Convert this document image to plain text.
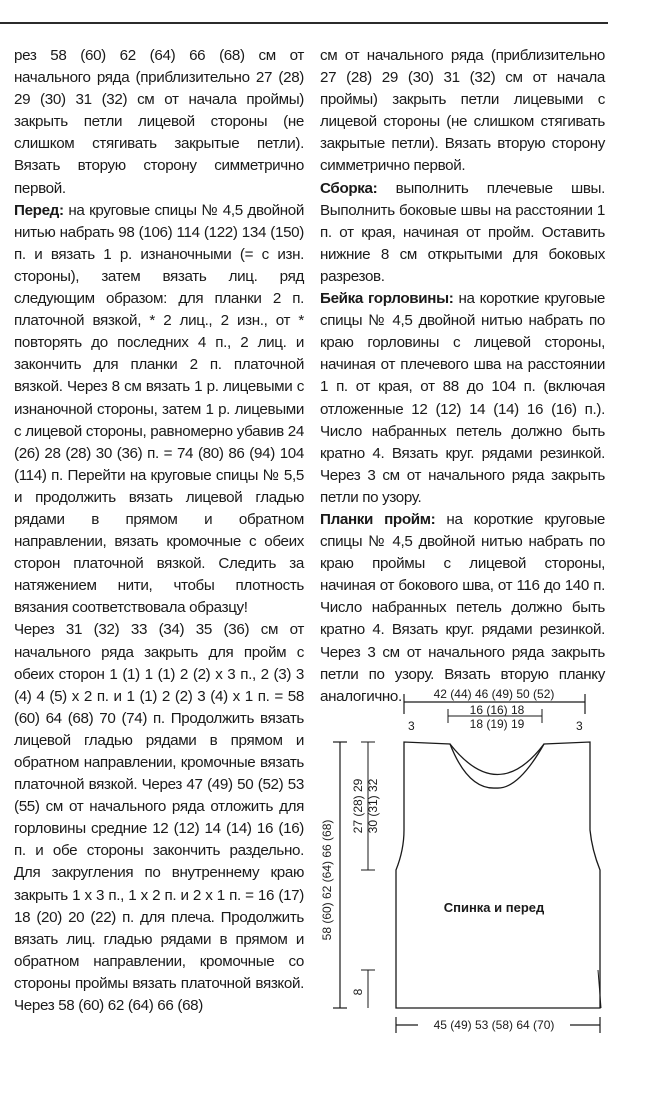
рез 58 (60) 62 (64) 66 (68) см от начального ряда (приблизительно 27 (28) 29 (30) 31 (32) см от начала проймы) закрыть петли лицевой стороны (не слишком стягивать закрытые петли). Вязать вторую сторону симметрично первой.

Перед: на круговые спицы № 4,5 двойной нитью набрать 98 (106) 114 (122) 134 (150) п. и вязать 1 р. изнаночными (= с изн. стороны), затем вязать лиц. ряд следующим образом: для планки 2 п. платочной вязкой, * 2 лиц., 2 изн., от * повторять до последних 4 п., 2 лиц. и закончить для планки 2 п. платочной вязкой. Через 8 см вязать 1 р. лицевыми с изнаночной стороны, затем 1 р. лицевыми с лицевой стороны, равномерно убавив 24 (26) 28 (28) 30 (36) п. = 74 (80) 86 (94) 104 (114) п. Перейти на круговые спицы № 5,5 и продолжить вязать лицевой гладью рядами в прямом и обратном направлении, вязать кромочные с обеих сторон платочной вязкой. Следить за натяжением нити, чтобы плотность вязания соответствовала образцу!

Через 31 (32) 33 (34) 35 (36) см от начального ряда закрыть для пройм с обеих сторон 1 (1) 1 (1) 2 (2) x 3 п., 2 (3) 3 (4) 4 (5) x 2 п. и 1 (1) 2 (2) 3 (4) x 1 п. = 58 (60) 64 (68) 70 (74) п. Продолжить вязать лицевой гладью рядами в прямом и обратном направлении, кромочные вязать платочной вязкой. Через 47 (49) 50 (52) 53 (55) см от начального ряда отложить для горловины средние 12 (12) 14 (14) 16 (16) п. и обе стороны закончить раздельно. Для закругления по внутреннему краю закрыть 1 x 3 п., 1 x 2 п. и 2 x 1 п. = 16 (17) 18 (20) 20 (22) п. для плеча. Продолжить вязать лиц. гладью рядами в прямом и обратном направлении, кромочные со стороны проймы вязать платочной вязкой. Через 58 (60) 62 (64) 66 (68)

см от начального ряда (приблизительно 27 (28) 29 (30) 31 (32) см от начала проймы) закрыть петли лицевыми с лицевой стороны (не слишком стягивать закрытые петли). Вязать вторую сторону симметрично первой.

Сборка: выполнить плечевые швы. Выполнить боковые швы на расстоянии 1 п. от края, начиная от пройм. Оставить нижние 8 см открытыми для боковых разрезов.

Бейка горловины: на короткие круговые спицы № 4,5 двойной нитью набрать по краю горловины с лицевой стороны, начиная от плечевого шва на расстоянии 1 п. от края, от 88 до 104 п. (включая отложенные 12 (12) 14 (14) 16 (16) п.). Число набранных петель должно быть кратно 4. Вязать круг. рядами резинкой. Через 3 см от начального ряда закрыть петли по узору.

Планки пройм: на короткие круговые спицы № 4,5 двойной нитью набрать по краю проймы с лицевой стороны, начиная от бокового шва, от 116 до 140 п. Число набранных петель должно быть кратно 4. Вязать круг. рядами резинкой. Через 3 см от начального ряда закрыть петли по узору. Вязать вторую планку аналогично.	42 (44) 46 (49) 50 (52)
16 (16) 18
18 (19) 19
3	3
Спинка и перед
58 (60) 62 (64) 66 (68)
27 (28) 29 30 (31) 32
8
45 (49) 53 (58) 64 (70)
